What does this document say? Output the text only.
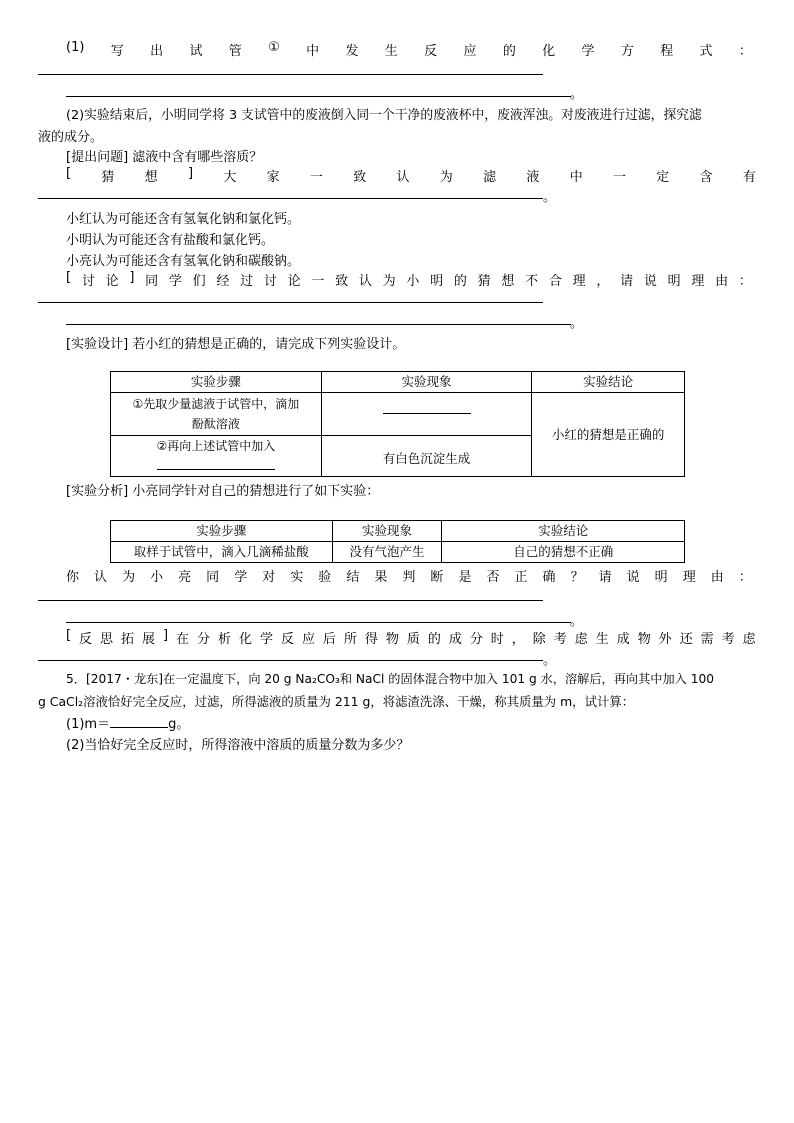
(1) 写 出 试 管 ① 中 发 生 反 应 的 化 学 方 程 式 ：
。
(2)实验结束后，小明同学将 3 支试管中的废液倒入同一个干净的废液杯中，废液浑浊。对废液进行过滤，探究滤
液的成分。
[提出问题] 滤液中含有哪些溶质？
[ 猜 想 ] 大 家 一 致 认 为 滤 液 中 一 定 含 有
。
小红认为可能还含有氢氧化钠和氯化钙。
小明认为可能还含有盐酸和氯化钙。
小亮认为可能还含有氢氧化钠和碳酸钠。
[ 讨 论 ] 同 学 们 经 过 讨 论 一 致 认 为 小 明 的 猜 想 不 合 理 ， 请 说 明 理 由 ：
。
[实验设计] 若小红的猜想是正确的，请完成下列实验设计。
实验步骤	实验现象	实验结论

①先取少量滤液于试管中，滴加
酚酞溶液		小红的猜想是正确的

②再向上述试管中加入	有白色沉淀生成	
[实验分析] 小亮同学针对自己的猜想进行了如下实验：
实验步骤	实验现象	实验结论
取样于试管中，滴入几滴稀盐酸	没有气泡产生	自己的猜想不正确
你 认 为 小 亮 同 学 对 实 验 结 果 判 断 是 否 正 确 ？ 请 说 明 理 由 ：
。
[ 反 思 拓 展 ] 在 分 析 化 学 反 应 后 所 得 物 质 的 成 分 时 ， 除 考 虑 生 成 物 外 还 需 考 虑
。
5．[2017・龙东]在一定温度下，向 20 g Na₂CO₃和 NaCl 的固体混合物中加入 101 g 水，溶解后，再向其中加入 100
g CaCl₂溶液恰好完全反应，过滤，所得滤液的质量为 211 g，将滤渣洗涤、干燥，称其质量为 m，试计算：
(1)m＝	g。
(2)当恰好完全反应时，所得溶液中溶质的质量分数为多少？
